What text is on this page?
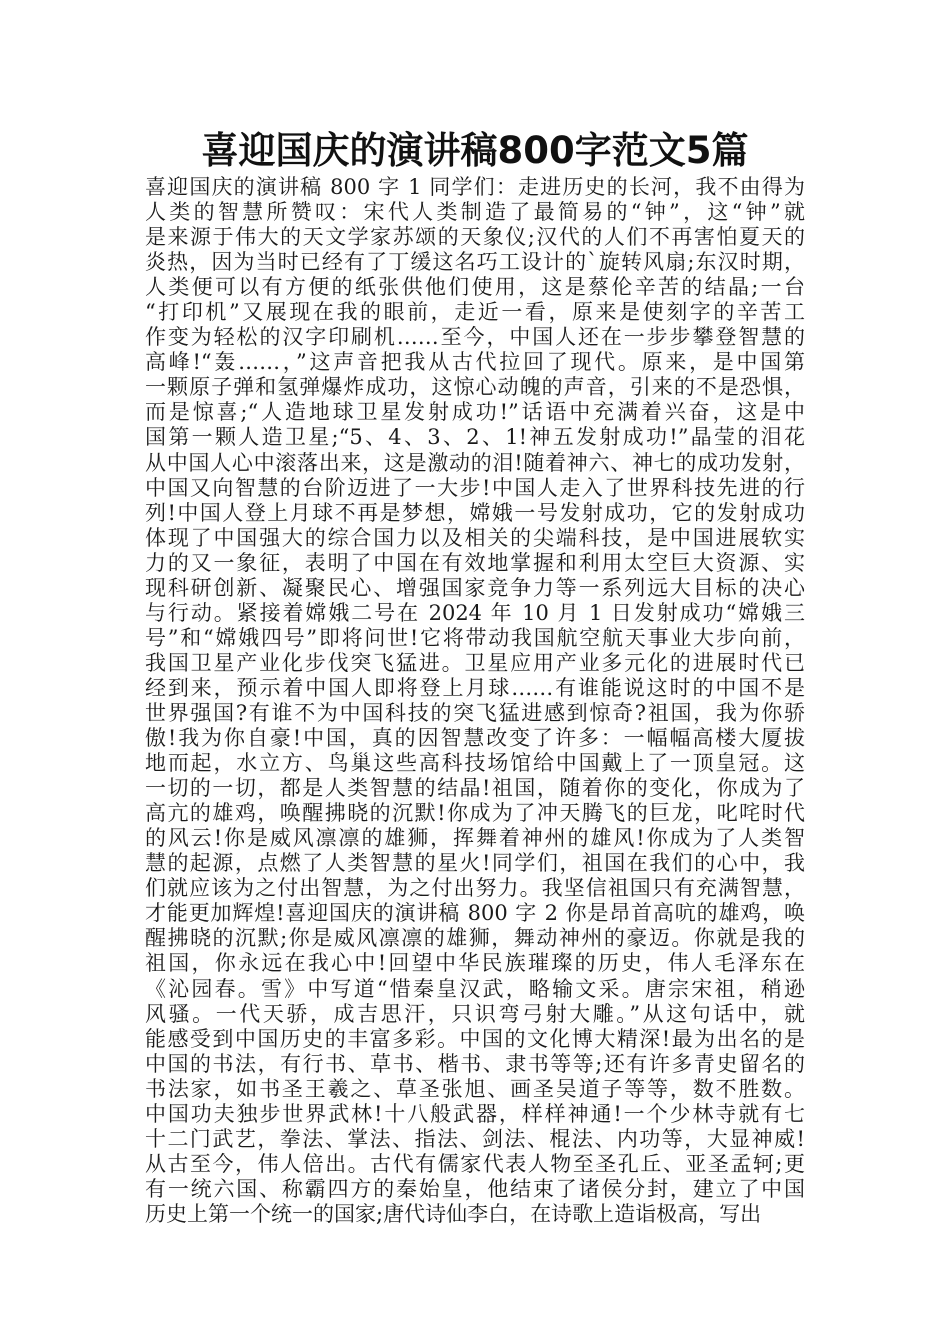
喜迎国庆的演讲稿800字范文5篇
喜迎国庆的演讲稿 800 字 1 同学们：走进历史的长河，我不由得为
人类的智慧所赞叹：宋代人类制造了最简易的“钟”，这“钟”就
是来源于伟大的天文学家苏颂的天象仪;汉代的人们不再害怕夏天的
炎热，因为当时已经有了丁缓这名巧工设计的`旋转风扇;东汉时期，
人类便可以有方便的纸张供他们使用，这是蔡伦辛苦的结晶;一台
“打印机”又展现在我的眼前，走近一看，原来是使刻字的辛苦工
作变为轻松的汉字印刷机……至今，中国人还在一步步攀登智慧的
高峰!“轰……，”这声音把我从古代拉回了现代。原来，是中国第
一颗原子弹和氢弹爆炸成功，这惊心动魄的声音，引来的不是恐惧，
而是惊喜;“人造地球卫星发射成功!”话语中充满着兴奋，这是中
国第一颗人造卫星;“5、4、3、2、1!神五发射成功!”晶莹的泪花
从中国人心中滚落出来，这是激动的泪!随着神六、神七的成功发射，
中国又向智慧的台阶迈进了一大步!中国人走入了世界科技先进的行
列!中国人登上月球不再是梦想，嫦娥一号发射成功，它的发射成功
体现了中国强大的综合国力以及相关的尖端科技，是中国进展软实
力的又一象征，表明了中国在有效地掌握和利用太空巨大资源、实
现科研创新、凝聚民心、增强国家竞争力等一系列远大目标的决心
与行动。紧接着嫦娥二号在 2024 年 10 月 1 日发射成功“嫦娥三
号”和“嫦娥四号”即将问世!它将带动我国航空航天事业大步向前，
我国卫星产业化步伐突飞猛进。卫星应用产业多元化的进展时代已
经到来，预示着中国人即将登上月球……有谁能说这时的中国不是
世界强国?有谁不为中国科技的突飞猛进感到惊奇?祖国，我为你骄
傲!我为你自豪!中国，真的因智慧改变了许多：一幅幅高楼大厦拔
地而起，水立方、鸟巢这些高科技场馆给中国戴上了一顶皇冠。这
一切的一切，都是人类智慧的结晶!祖国，随着你的变化，你成为了
高亢的雄鸡，唤醒拂晓的沉默!你成为了冲天腾飞的巨龙，叱咤时代
的风云!你是威风凛凛的雄狮，挥舞着神州的雄风!你成为了人类智
慧的起源，点燃了人类智慧的星火!同学们，祖国在我们的心中，我
们就应该为之付出智慧，为之付出努力。我坚信祖国只有充满智慧，
才能更加辉煌!喜迎国庆的演讲稿 800 字 2 你是昂首高吭的雄鸡，唤
醒拂晓的沉默;你是威风凛凛的雄狮，舞动神州的豪迈。你就是我的
祖国，你永远在我心中!回望中华民族璀璨的历史，伟人毛泽东在
《沁园春。雪》中写道“惜秦皇汉武，略输文采。唐宗宋祖，稍逊
风骚。一代天骄，成吉思汗，只识弯弓射大雕。”从这句话中，就
能感受到中国历史的丰富多彩。中国的文化博大精深!最为出名的是
中国的书法，有行书、草书、楷书、隶书等等;还有许多青史留名的
书法家，如书圣王羲之、草圣张旭、画圣吴道子等等，数不胜数。
中国功夫独步世界武林!十八般武器，样样神通!一个少林寺就有七
十二门武艺，拳法、掌法、指法、剑法、棍法、内功等，大显神威!
从古至今，伟人倍出。古代有儒家代表人物至圣孔丘、亚圣孟轲;更
有一统六国、称霸四方的秦始皇，他结束了诸侯分封，建立了中国
历史上第一个统一的国家;唐代诗仙李白，在诗歌上造诣极高，写出
